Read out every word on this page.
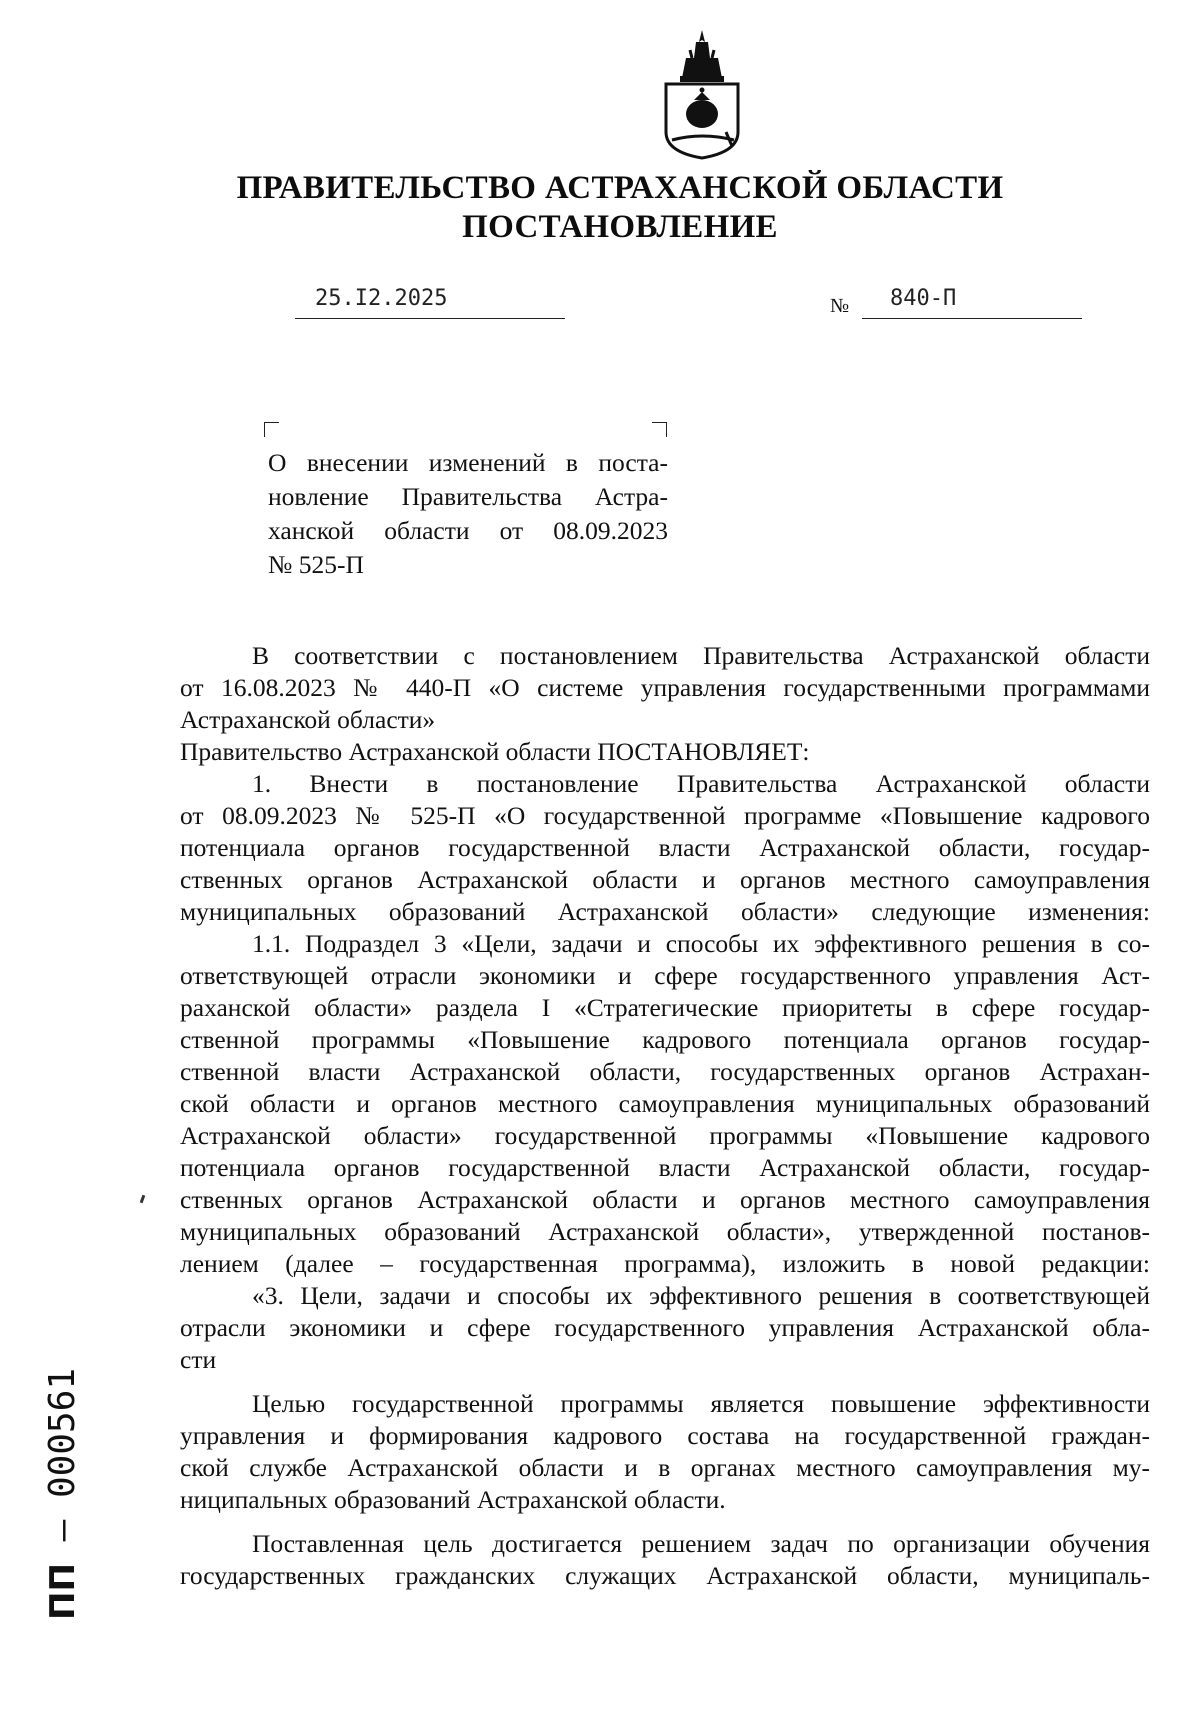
ПРАВИТЕЛЬСТВО АСТРАХАНСКОЙ ОБЛАСТИ
ПОСТАНОВЛЕНИЕ
25.I2.2025	№ 840-П
О внесении изменений в поста-
новление Правительства Астра-
ханской области от 08.09.2023
№ 525-П
В соответствии с постановлением Правительства Астраханской области
от 16.08.2023 № 440-П «О системе управления государственными программами
Астраханской области»
Правительство Астраханской области ПОСТАНОВЛЯЕТ:
1. Внести в постановление Правительства Астраханской области
от 08.09.2023 № 525-П «О государственной программе «Повышение кадрового
потенциала органов государственной власти Астраханской области, государ-
ственных органов Астраханской области и органов местного самоуправления
муниципальных образований Астраханской области» следующие изменения:
1.1. Подраздел 3 «Цели, задачи и способы их эффективного решения в со-
ответствующей отрасли экономики и сфере государственного управления Аст-
раханской области» раздела I «Стратегические приоритеты в сфере государ-
ственной программы «Повышение кадрового потенциала органов государ-
ственной власти Астраханской области, государственных органов Астрахан-
ской области и органов местного самоуправления муниципальных образований
Астраханской области» государственной программы «Повышение кадрового
потенциала органов государственной власти Астраханской области, государ-
ственных органов Астраханской области и органов местного самоуправления
муниципальных образований Астраханской области», утвержденной постанов-
лением (далее – государственная программа), изложить в новой редакции:
«3. Цели, задачи и способы их эффективного решения в соответствующей
отрасли экономики и сфере государственного управления Астраханской обла-
сти
Целью государственной программы является повышение эффективности
управления и формирования кадрового состава на государственной граждан-
ской службе Астраханской области и в органах местного самоуправления му-
ниципальных образований Астраханской области.
Поставленная цель достигается решением задач по организации обучения
государственных гражданских служащих Астраханской области, муниципаль-
ПП – 000561
